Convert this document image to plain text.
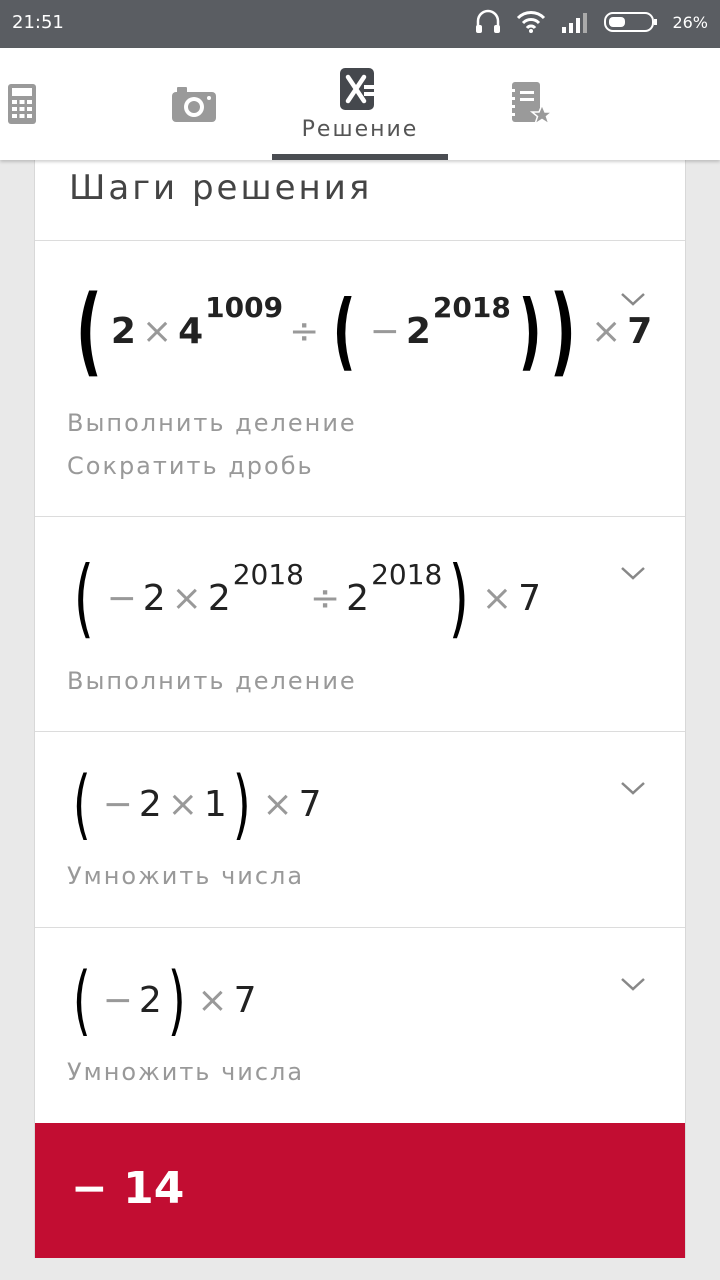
21:51	26%
Решение
Шаги решения
( 2 × 4
1009
÷ ( − 2
2018 ) ) × 7
Выполнить деление
Сократить дробь
( − 2 × 2
2018
÷ 2
2018 ) × 7
Выполнить деление
( − 2 × 1 ) × 7
Умножить числа
( − 2 ) × 7
Умножить числа
− 14
